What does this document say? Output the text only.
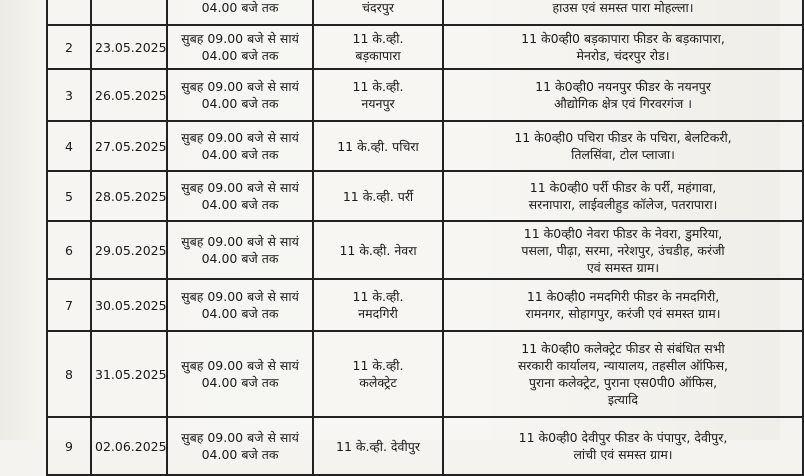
		04.00 बजे तक	चंदरपुर	हाउस एवं समस्त पारा मोहल्ला।

2	23.05.2025	सुबह 09.00 बजे से सायं
04.00 बजे तक	11 के.व्ही.
बड़कापारा	11 के0व्ही0 बड़कापारा फीडर के बड़कापारा,
मेनरोड, चंदरपुर रोड।

3	26.05.2025	सुबह 09.00 बजे से सायं
04.00 बजे तक	11 के.व्ही.
नयनपुर	11 के0व्ही0 नयनपुर फीडर के नयनपुर
औद्योगिक क्षेत्र एवं गिरवरगंज ।

4	27.05.2025	सुबह 09.00 बजे से सायं
04.00 बजे तक	11 के.व्ही. पचिरा	11 के0व्ही0 पचिरा फीडर के पचिरा, बेलटिकरी,
तिलसिंवा, टोल प्लाजा।

5	28.05.2025	सुबह 09.00 बजे से सायं
04.00 बजे तक	11 के.व्ही. पर्री	11 के0व्ही0 पर्री फीडर के पर्री, महंगावा,
सरनापारा, लाईवलीहुड कॉलेज, पतरापारा।

6	29.05.2025	सुबह 09.00 बजे से सायं
04.00 बजे तक	11 के.व्ही. नेवरा	11 के0व्ही0 नेवरा फीडर के नेवरा, डुमरिया,
पसला, पीढ़ा, सरमा, नरेशपुर, उंचडीह, करंजी
एवं समस्त ग्राम।

7	30.05.2025	सुबह 09.00 बजे से सायं
04.00 बजे तक	11 के.व्ही.
नमदगिरी	11 के0व्ही0 नमदगिरी फीडर के नमदगिरी,
रामनगर, सोहागपुर, करंजी एवं समस्त ग्राम।

8	31.05.2025	सुबह 09.00 बजे से सायं
04.00 बजे तक	11 के.व्ही.
कलेक्ट्रेट	11 के0व्ही0 कलेक्ट्रेट फीडर से संबंधित सभी
सरकारी कार्यालय, न्यायालय, तहसील ऑफिस,
पुराना कलेक्ट्रेट, पुराना एस0पी0 ऑफिस,
इत्यादि

9	02.06.2025	सुबह 09.00 बजे से सायं
04.00 बजे तक	11 के.व्ही. देवीपुर	11 के0व्ही0 देवीपुर फीडर के पंपापुर, देवीपुर,
लांची एवं समस्त ग्राम।
